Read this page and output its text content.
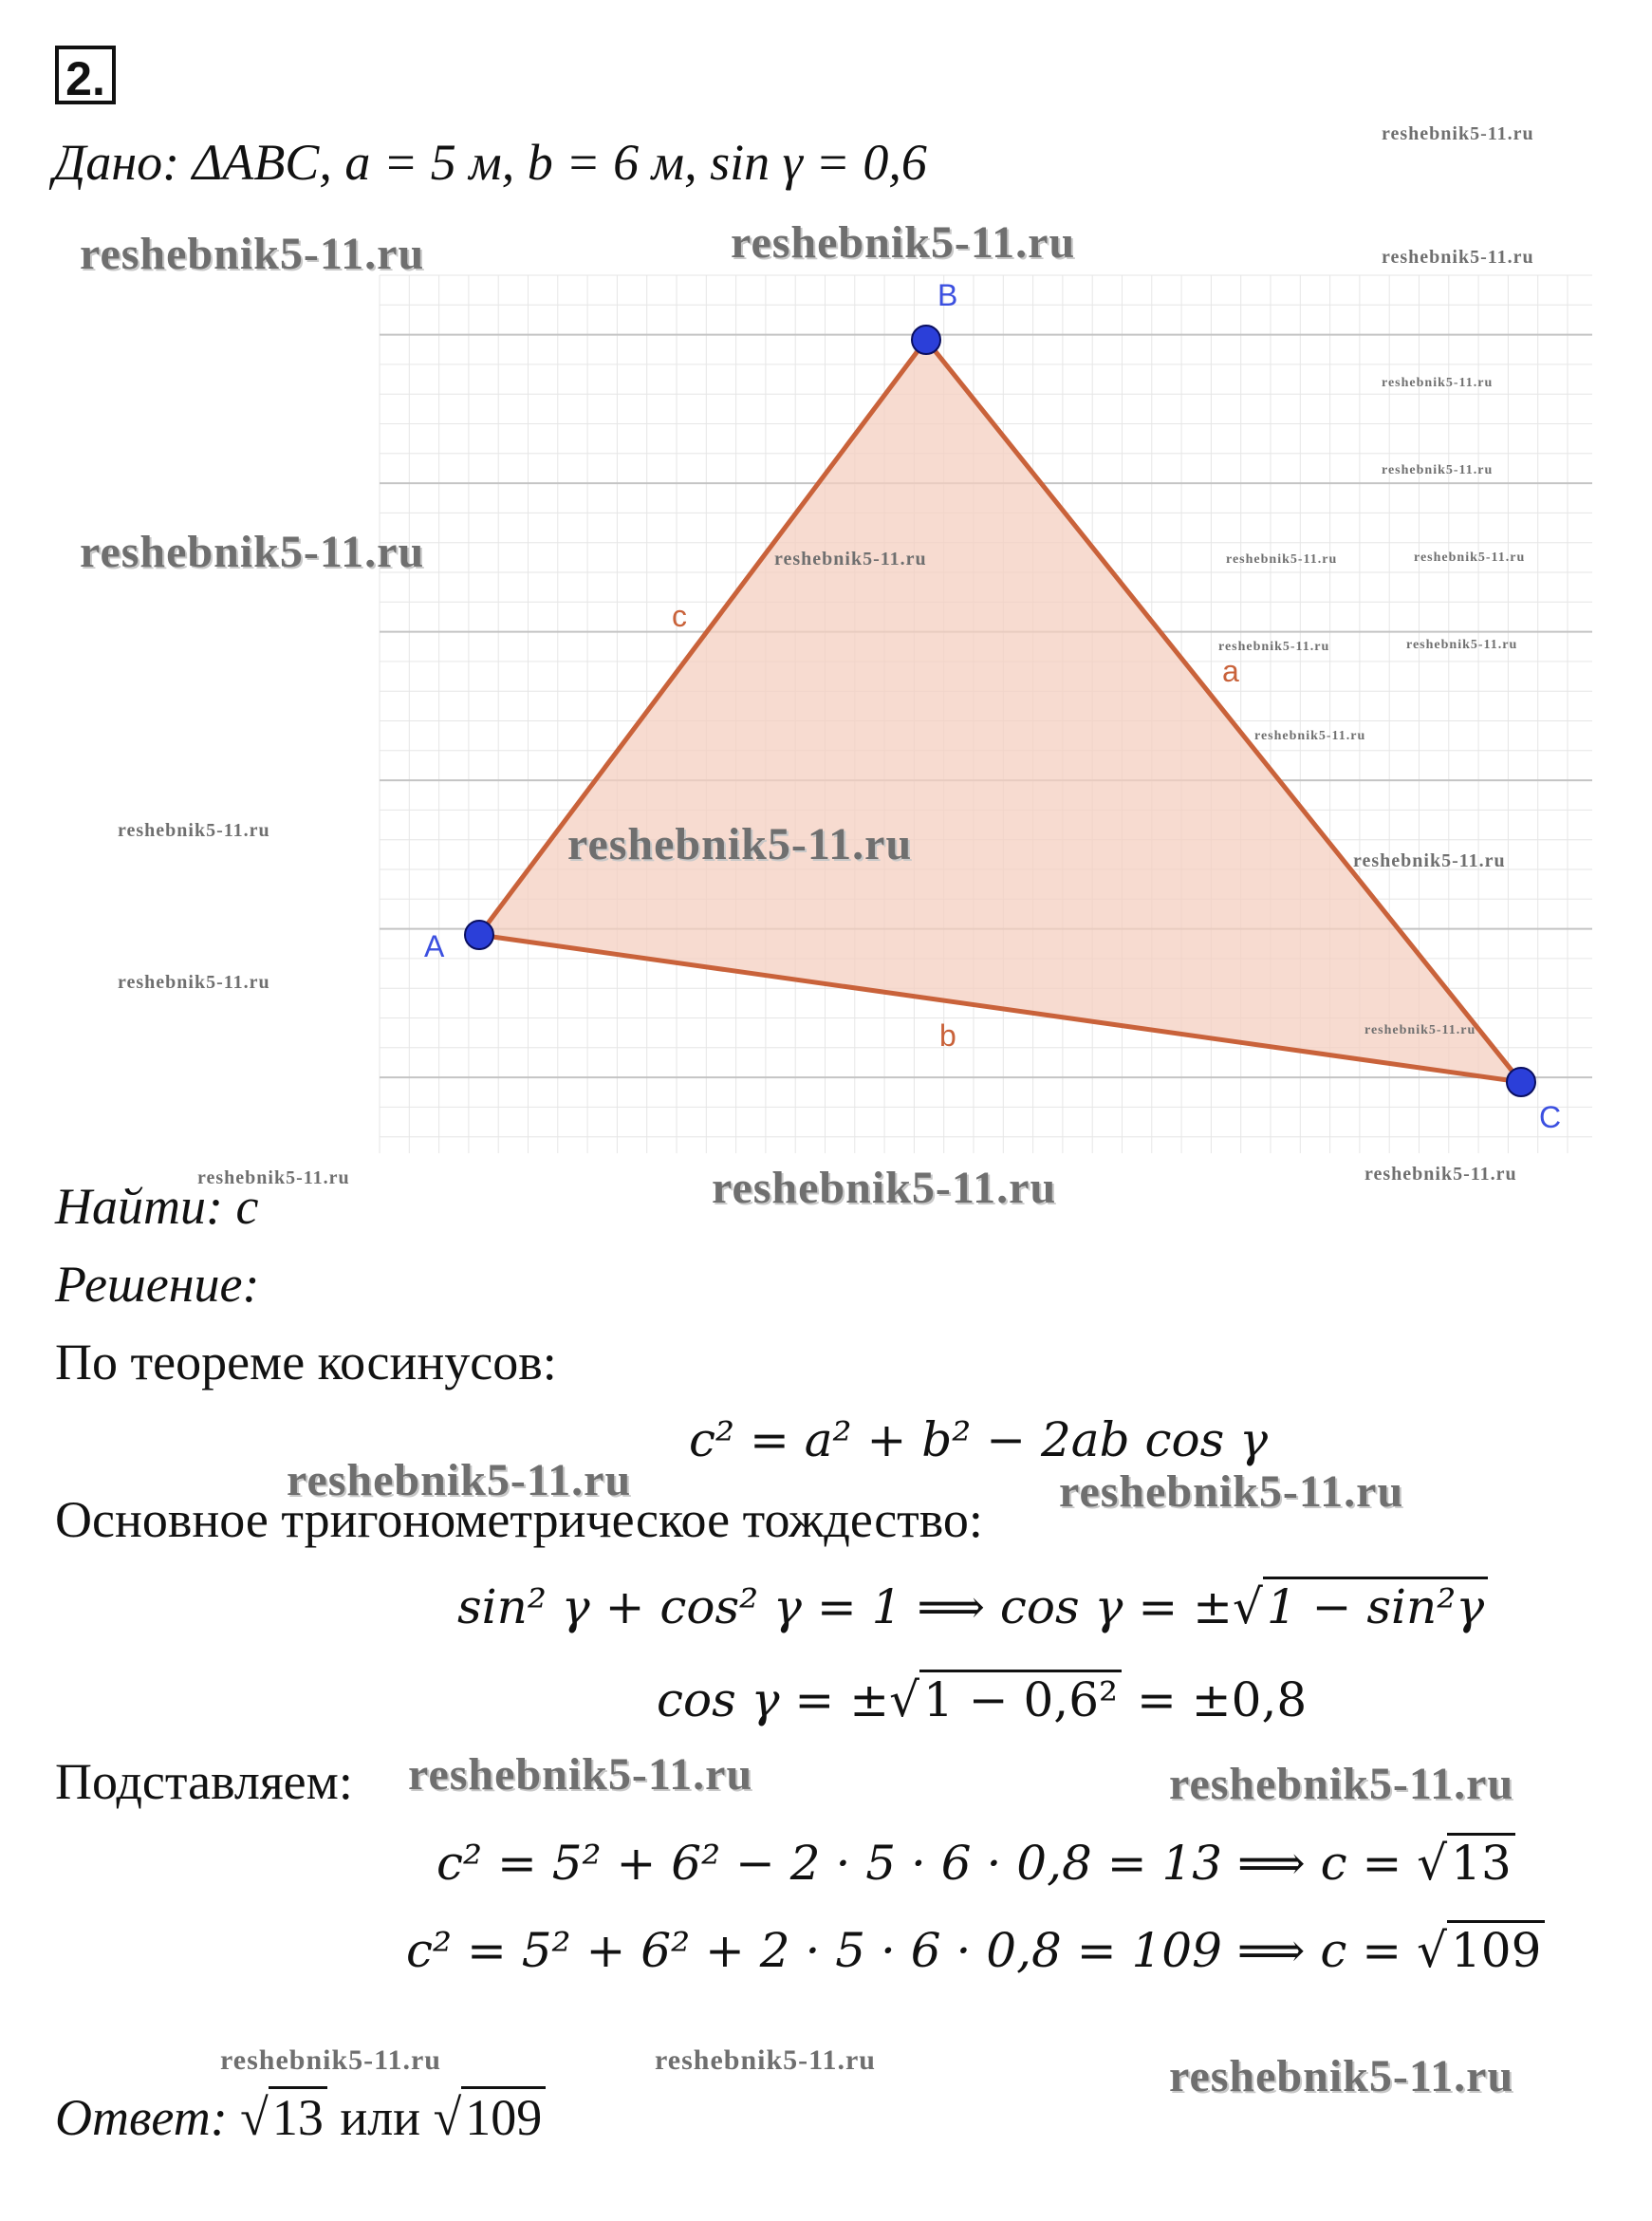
2.
Дано: ΔABC, a = 5 м, b = 6 м, sin γ = 0,6
A
B
C
a
b
c
Найти: c
Решение:
По теореме косинусов:
c² = a² + b² − 2ab cos γ
Основное тригонометрическое тождество:
sin² γ + cos² γ = 1 ⟹ cos γ = ±√1 − sin²γ
cos γ = ±√1 − 0,6² = ±0,8
Подставляем:
c² = 5² + 6² − 2 · 5 · 6 · 0,8 = 13 ⟹ c = √13
c² = 5² + 6² + 2 · 5 · 6 · 0,8 = 109 ⟹ c = √109
Ответ: √13 или √109
reshebnik5-11.ru
reshebnik5-11.ru	reshebnik5-11.ru	reshebnik5-11.ru
reshebnik5-11.ru
reshebnik5-11.ru
reshebnik5-11.ru	reshebnik5-11.ru	reshebnik5-11.ru	reshebnik5-11.ru
reshebnik5-11.ru	reshebnik5-11.ru
reshebnik5-11.ru
reshebnik5-11.ru	reshebnik5-11.ru	reshebnik5-11.ru
reshebnik5-11.ru
reshebnik5-11.ru
reshebnik5-11.ru	reshebnik5-11.ru	reshebnik5-11.ru
reshebnik5-11.ru	reshebnik5-11.ru
reshebnik5-11.ru	reshebnik5-11.ru
reshebnik5-11.ru	reshebnik5-11.ru	reshebnik5-11.ru
